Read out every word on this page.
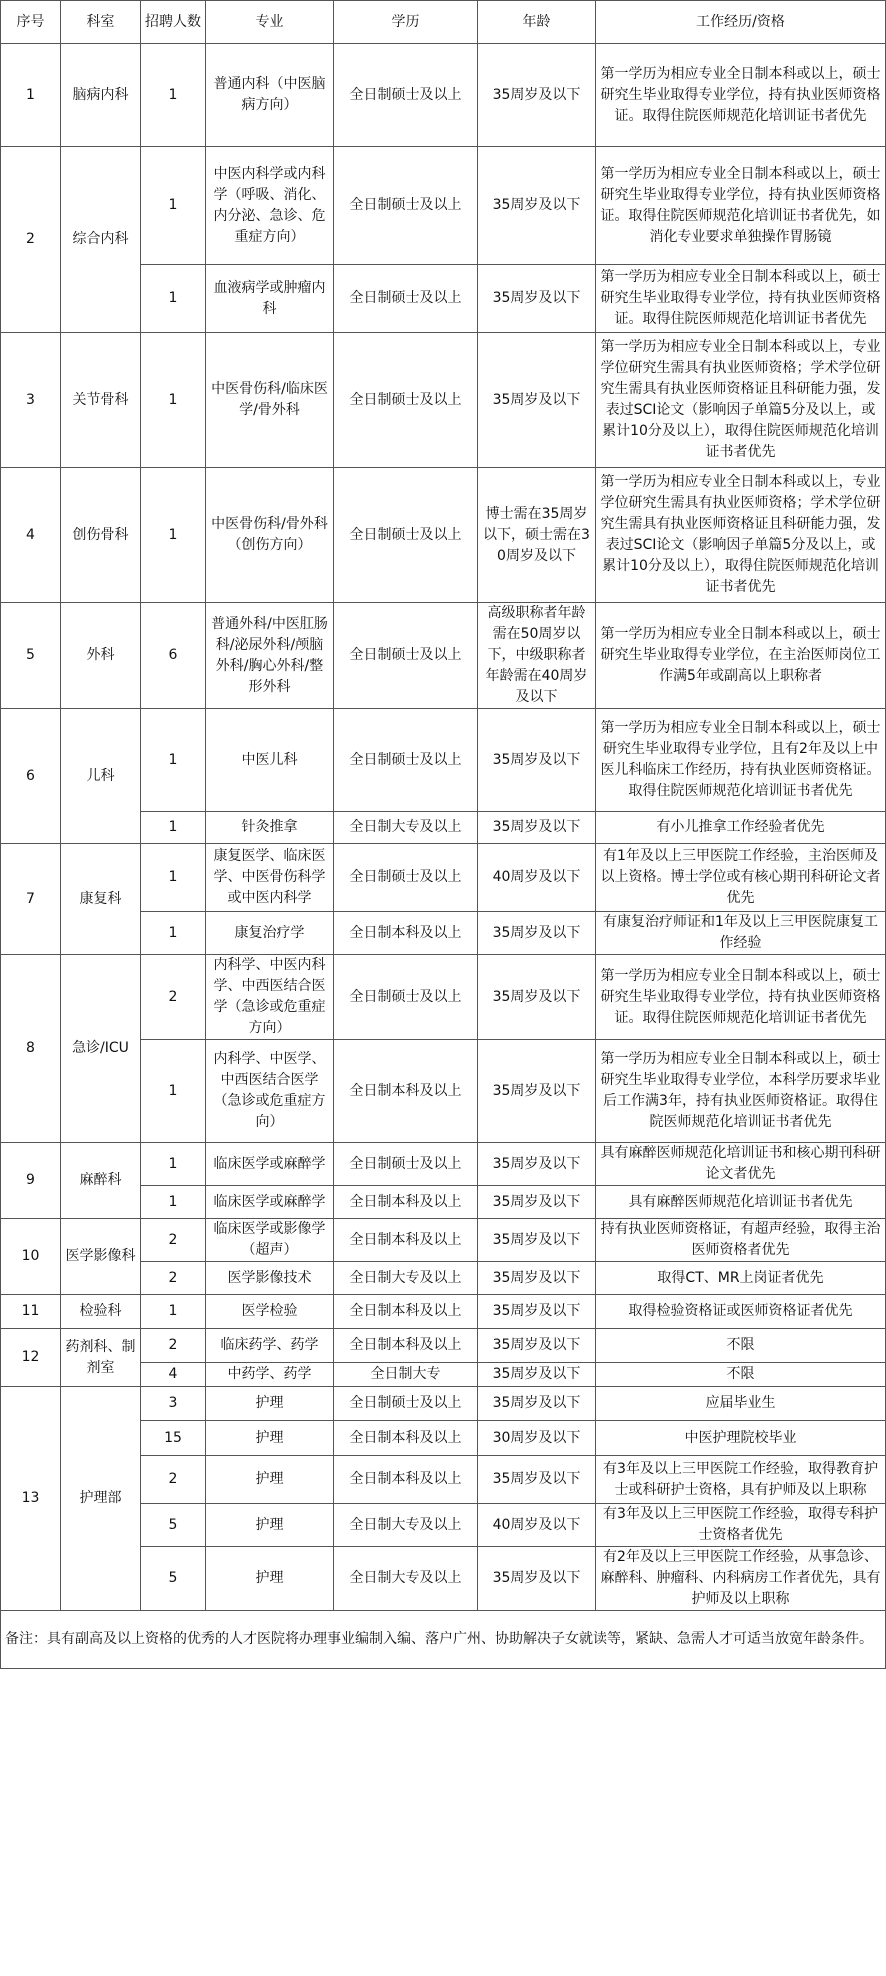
序号	科室	招聘人数	专业	学历	年龄	工作经历/资格
1	脑病内科	1	普通内科（中医脑病方向）	全日制硕士及以上	35周岁及以下	第一学历为相应专业全日制本科或以上，硕士研究生毕业取得专业学位，持有执业医师资格证。取得住院医师规范化培训证书者优先
2	综合内科	1	中医内科学或内科学（呼吸、消化、内分泌、急诊、危重症方向）	全日制硕士及以上	35周岁及以下	第一学历为相应专业全日制本科或以上，硕士研究生毕业取得专业学位，持有执业医师资格证。取得住院医师规范化培训证书者优先，如消化专业要求单独操作胃肠镜
		1	血液病学或肿瘤内科	全日制硕士及以上	35周岁及以下	第一学历为相应专业全日制本科或以上，硕士研究生毕业取得专业学位，持有执业医师资格证。取得住院医师规范化培训证书者优先
3	关节骨科	1	中医骨伤科/临床医学/骨外科	全日制硕士及以上	35周岁及以下	第一学历为相应专业全日制本科或以上，专业学位研究生需具有执业医师资格；学术学位研究生需具有执业医师资格证且科研能力强，发表过SCI论文（影响因子单篇5分及以上，或累计10分及以上），取得住院医师规范化培训证书者优先
4	创伤骨科	1	中医骨伤科/骨外科（创伤方向）	全日制硕士及以上	博士需在35周岁以下，硕士需在30周岁及以下	第一学历为相应专业全日制本科或以上，专业学位研究生需具有执业医师资格；学术学位研究生需具有执业医师资格证且科研能力强，发表过SCI论文（影响因子单篇5分及以上，或累计10分及以上），取得住院医师规范化培训证书者优先
5	外科	6	普通外科/中医肛肠科/泌尿外科/颅脑外科/胸心外科/整形外科	全日制硕士及以上	高级职称者年龄需在50周岁以下，中级职称者年龄需在40周岁及以下	第一学历为相应专业全日制本科或以上，硕士研究生毕业取得专业学位，在主治医师岗位工作满5年或副高以上职称者
6	儿科	1	中医儿科	全日制硕士及以上	35周岁及以下	第一学历为相应专业全日制本科或以上，硕士研究生毕业取得专业学位，且有2年及以上中医儿科临床工作经历，持有执业医师资格证。取得住院医师规范化培训证书者优先
		1	针灸推拿	全日制大专及以上	35周岁及以下	有小儿推拿工作经验者优先
7	康复科	1	康复医学、临床医学、中医骨伤科学或中医内科学	全日制硕士及以上	40周岁及以下	有1年及以上三甲医院工作经验，主治医师及以上资格。博士学位或有核心期刊科研论文者优先
		1	康复治疗学	全日制本科及以上	35周岁及以下	有康复治疗师证和1年及以上三甲医院康复工作经验
8	急诊/ICU	2	内科学、中医内科学、中西医结合医学（急诊或危重症方向）	全日制硕士及以上	35周岁及以下	第一学历为相应专业全日制本科或以上，硕士研究生毕业取得专业学位，持有执业医师资格证。取得住院医师规范化培训证书者优先
		1	内科学、中医学、中西医结合医学（急诊或危重症方向）	全日制本科及以上	35周岁及以下	第一学历为相应专业全日制本科或以上，硕士研究生毕业取得专业学位，本科学历要求毕业后工作满3年，持有执业医师资格证。取得住院医师规范化培训证书者优先
9	麻醉科	1	临床医学或麻醉学	全日制硕士及以上	35周岁及以下	具有麻醉医师规范化培训证书和核心期刊科研论文者优先
		1	临床医学或麻醉学	全日制本科及以上	35周岁及以下	具有麻醉医师规范化培训证书者优先
10	医学影像科	2	临床医学或影像学（超声）	全日制本科及以上	35周岁及以下	持有执业医师资格证，有超声经验，取得主治医师资格者优先
		2	医学影像技术	全日制大专及以上	35周岁及以下	取得CT、MR上岗证者优先
11	检验科	1	医学检验	全日制本科及以上	35周岁及以下	取得检验资格证或医师资格证者优先
12	药剂科、制剂室	2	临床药学、药学	全日制本科及以上	35周岁及以下	不限
		4	中药学、药学	全日制大专	35周岁及以下	不限
13	护理部	3	护理	全日制硕士及以上	35周岁及以下	应届毕业生
		15	护理	全日制本科及以上	30周岁及以下	中医护理院校毕业
		2	护理	全日制本科及以上	35周岁及以下	有3年及以上三甲医院工作经验，取得教育护士或科研护士资格，具有护师及以上职称
		5	护理	全日制大专及以上	40周岁及以下	有3年及以上三甲医院工作经验，取得专科护士资格者优先
		5	护理	全日制大专及以上	35周岁及以下	有2年及以上三甲医院工作经验，从事急诊、麻醉科、肿瘤科、内科病房工作者优先，具有护师及以上职称

备注：具有副高及以上资格的优秀的人才医院将办理事业编制入编、落户广州、协助解决子女就读等，紧缺、急需人才可适当放宽年龄条件。						
